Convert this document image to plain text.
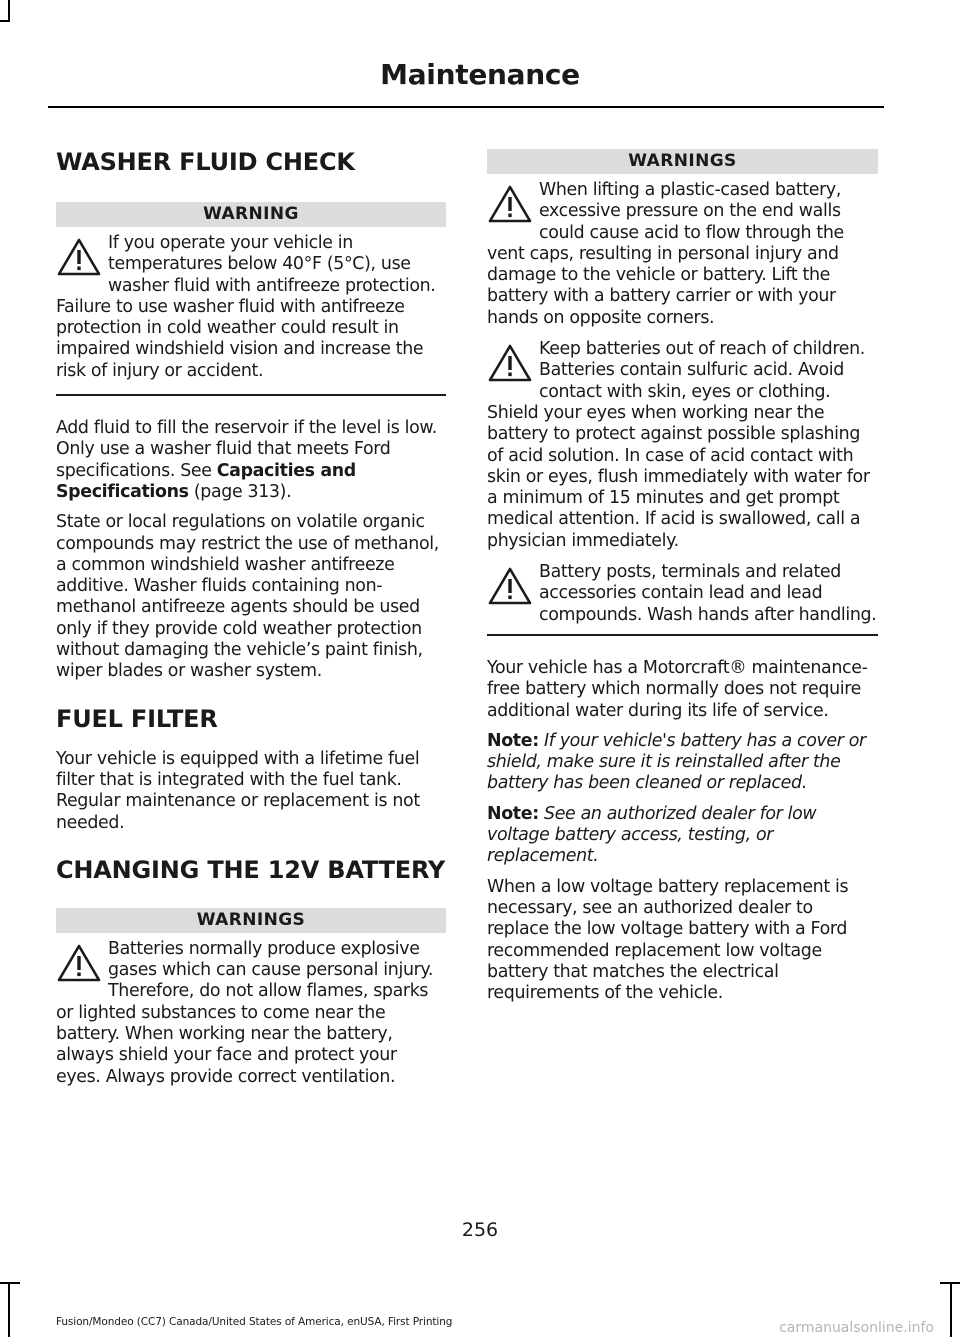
Maintenance
WASHER FLUID CHECK
WARNING
If you operate your vehicle in temperatures below 40°F (5°C), use washer fluid with antifreeze protection. Failure to use washer fluid with antifreeze protection in cold weather could result in impaired windshield vision and increase the risk of injury or accident.

Add fluid to fill the reservoir if the level is low. Only use a washer fluid that meets Ford specifications. See Capacities and Specifications (page 313).

State or local regulations on volatile organic compounds may restrict the use of methanol, a common windshield washer antifreeze additive. Washer fluids containing non-methanol antifreeze agents should be used only if they provide cold weather protection without damaging the vehicle’s paint finish, wiper blades or washer system.

FUEL FILTER

Your vehicle is equipped with a lifetime fuel filter that is integrated with the fuel tank. Regular maintenance or replacement is not needed.

CHANGING THE 12V BATTERY
WARNINGS
Batteries normally produce explosive gases which can cause personal injury. Therefore, do not allow flames, sparks or lighted substances to come near the battery. When working near the battery, always shield your face and protect your eyes. Always provide correct ventilation.
WARNINGS
When lifting a plastic-cased battery, excessive pressure on the end walls could cause acid to flow through the vent caps, resulting in personal injury and damage to the vehicle or battery. Lift the battery with a battery carrier or with your hands on opposite corners.
Keep batteries out of reach of children. Batteries contain sulfuric acid. Avoid contact with skin, eyes or clothing. Shield your eyes when working near the battery to protect against possible splashing of acid solution. In case of acid contact with skin or eyes, flush immediately with water for a minimum of 15 minutes and get prompt medical attention. If acid is swallowed, call a physician immediately.
Battery posts, terminals and related accessories contain lead and lead compounds. Wash hands after handling.

Your vehicle has a Motorcraft® maintenance-free battery which normally does not require additional water during its life of service.

Note: If your vehicle's battery has a cover or shield, make sure it is reinstalled after the battery has been cleaned or replaced.

Note: See an authorized dealer for low voltage battery access, testing, or replacement.

When a low voltage battery replacement is necessary, see an authorized dealer to replace the low voltage battery with a Ford recommended replacement low voltage battery that matches the electrical requirements of the vehicle.

256
Fusion/Mondeo (CC7) Canada/United States of America, enUSA, First Printing	carmanualsonline.info
